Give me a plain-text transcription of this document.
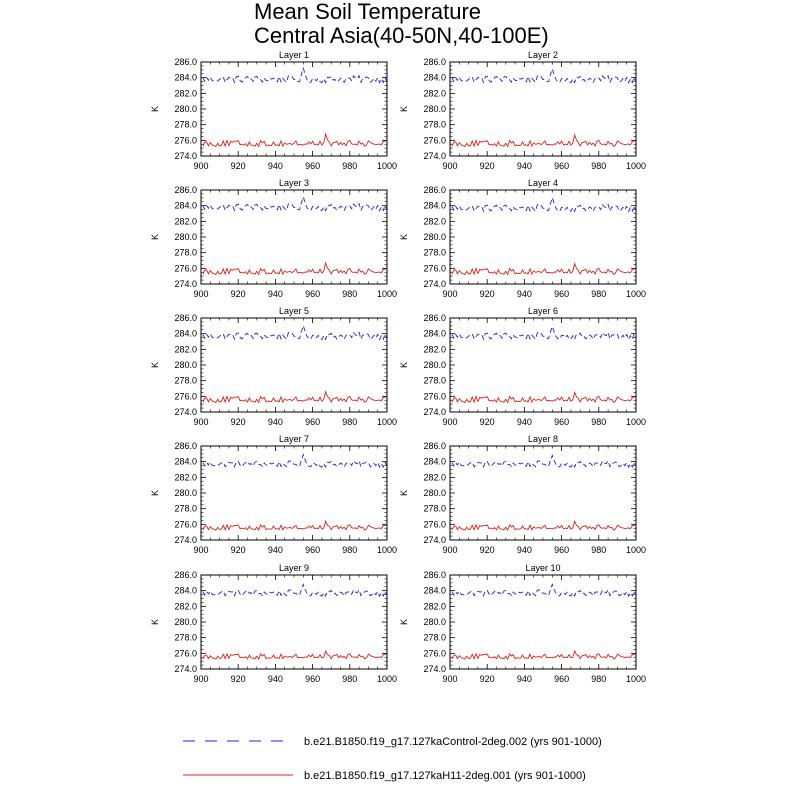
Mean Soil Temperature
Central Asia(40-50N,40-100E)
Layer 1
274.0
276.0
278.0
280.0
282.0
284.0
286.0
900 920 940 960 980 1000
K
Layer 2
274.0
276.0
278.0
280.0
282.0
284.0
286.0
900 920 940 960 980 1000
K
Layer 3
274.0
276.0
278.0
280.0
282.0
284.0
286.0
900 920 940 960 980 1000
K
Layer 4
274.0
276.0
278.0
280.0
282.0
284.0
286.0
900 920 940 960 980 1000
K
Layer 5
274.0
276.0
278.0
280.0
282.0
284.0
286.0
900 920 940 960 980 1000
K
Layer 6
274.0
276.0
278.0
280.0
282.0
284.0
286.0
900 920 940 960 980 1000
K
Layer 7
274.0
276.0
278.0
280.0
282.0
284.0
286.0
900 920 940 960 980 1000
K
Layer 8
274.0
276.0
278.0
280.0
282.0
284.0
286.0
900 920 940 960 980 1000
K
Layer 9
274.0
276.0
278.0
280.0
282.0
284.0
286.0
900 920 940 960 980 1000
K
Layer 10
274.0
276.0
278.0
280.0
282.0
284.0
286.0
900 920 940 960 980 1000
K
b.e21.B1850.f19_g17.127kaControl-2deg.002 (yrs 901-1000)
b.e21.B1850.f19_g17.127kaH11-2deg.001 (yrs 901-1000)
